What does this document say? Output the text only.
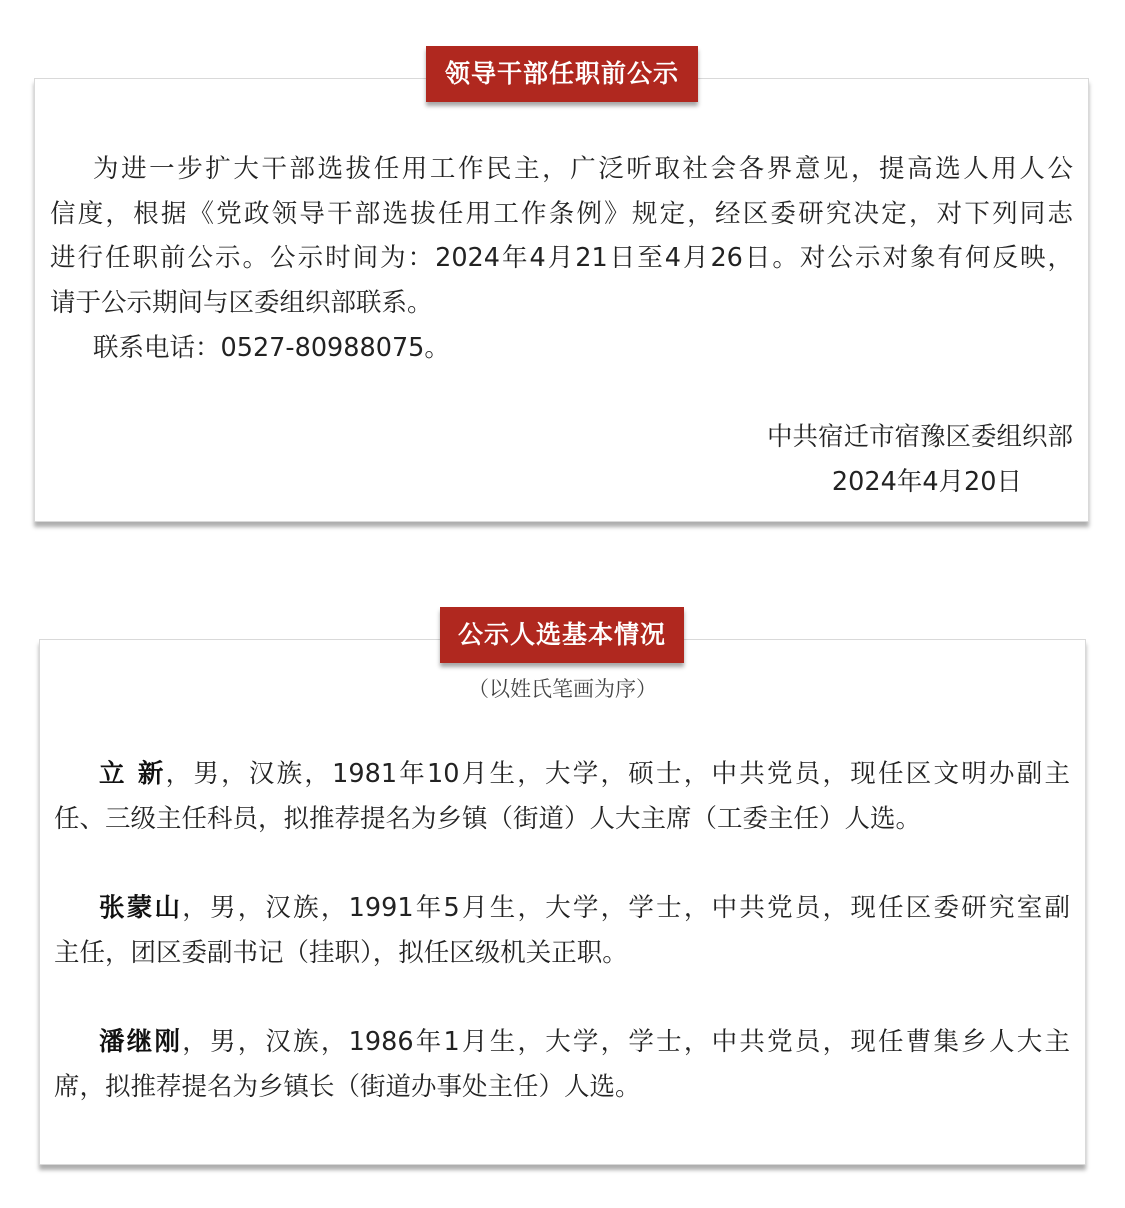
领导干部任职前公示
为进一步扩大干部选拔任用工作民主，广泛听取社会各界意见，提高选人用人公
信度，根据《党政领导干部选拔任用工作条例》规定，经区委研究决定，对下列同志
进行任职前公示。公示时间为：2024年4月21日至4月26日。对公示对象有何反映，
请于公示期间与区委组织部联系。
联系电话：0527-80988075。
中共宿迁市宿豫区委组织部
2024年4月20日
公示人选基本情况
（以姓氏笔画为序）
立 新，男，汉族，1981年10月生，大学，硕士，中共党员，现任区文明办副主
任、三级主任科员，拟推荐提名为乡镇（街道）人大主席（工委主任）人选。
张蒙山，男，汉族，1991年5月生，大学，学士，中共党员，现任区委研究室副
主任，团区委副书记（挂职），拟任区级机关正职。
潘继刚，男，汉族，1986年1月生，大学，学士，中共党员，现任曹集乡人大主
席，拟推荐提名为乡镇长（街道办事处主任）人选。
